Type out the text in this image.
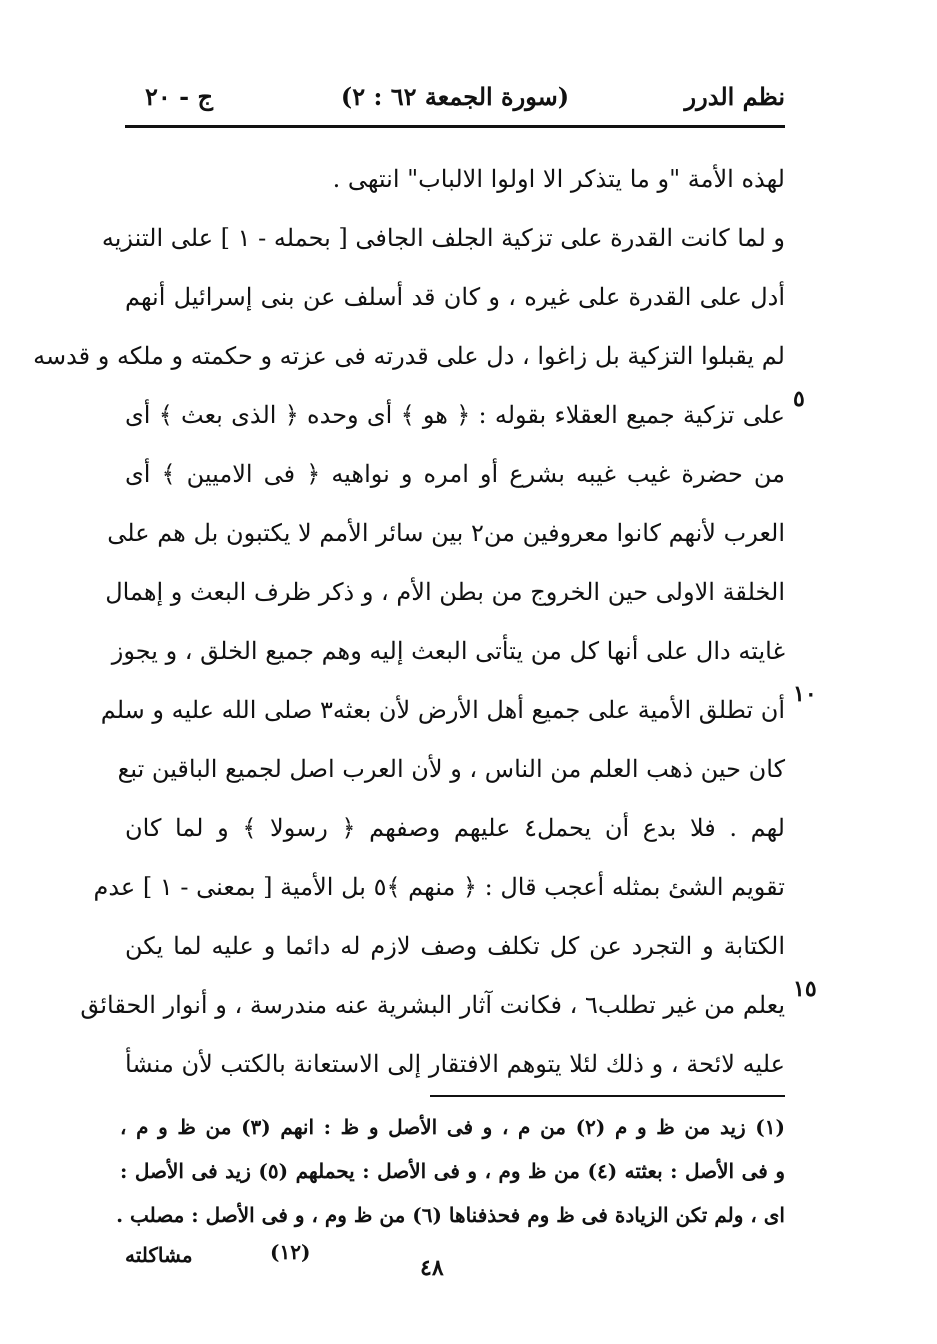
نظم الدرر
(سورة الجمعة ٦٢ : ٢)
ج - ٢٠
لهذه الأمة "و ما يتذكر الا اولوا الالباب" انتهى .
و لما كانت القدرة على تزكية الجلف الجافى [ بحمله - ١ ] على التنزيه
أدل على القدرة على غيره ، و كان قد أسلف عن بنى إسرائيل أنهم
لم يقبلوا التزكية بل زاغوا ، دل على قدرته فى عزته و حكمته و ملكه و قدسه
على تزكية جميع العقلاء بقوله : ﴿ هو ﴾ أى وحده ﴿ الذى بعث ﴾ أى
من حضرة غيب غيبه بشرع أو امره و نواهيه ﴿ فى الاميين ﴾ أى
العرب لأنهم كانوا معروفين من٢ بين سائر الأمم لا يكتبون بل هم على
الخلقة الاولى حين الخروج من بطن الأم ، و ذكر ظرف البعث و إهمال
غايته دال على أنها كل من يتأتى البعث إليه وهم جميع الخلق ، و يجوز
أن تطلق الأمية على جميع أهل الأرض لأن بعثه٣ صلى الله عليه و سلم
كان حين ذهب العلم من الناس ، و لأن العرب اصل لجميع الباقين تبع
لهم . فلا بدع أن يحمل٤ عليهم وصفهم ﴿ رسولا ﴾ و لما كان
تقويم الشئ بمثله أعجب قال : ﴿ منهم ﴾٥ بل الأمية [ بمعنى - ١ ] عدم
الكتابة و التجرد عن كل تكلف وصف لازم له دائما و عليه لما يكن
يعلم من غير تطلب٦ ، فكانت آثار البشرية عنه مندرسة ، و أنوار الحقائق
عليه لائحة ، و ذلك لئلا يتوهم الافتقار إلى الاستعانة بالكتب لأن منشأ
٥
١٠
١٥
(١) زيد من ظ و م (٢) من م ، و فى الأصل و ظ : انهم (٣) من ظ و م ،
و فى الأصل : بعثته (٤) من ظ وم ، و فى الأصل : يحملهم (٥) زيد فى الأصل :
اى ، ولم تكن الزيادة فى ظ وم فحذفناها (٦) من ظ وم ، و فى الأصل : مصلب .
مشاكلته	(١٢)
٤٨
